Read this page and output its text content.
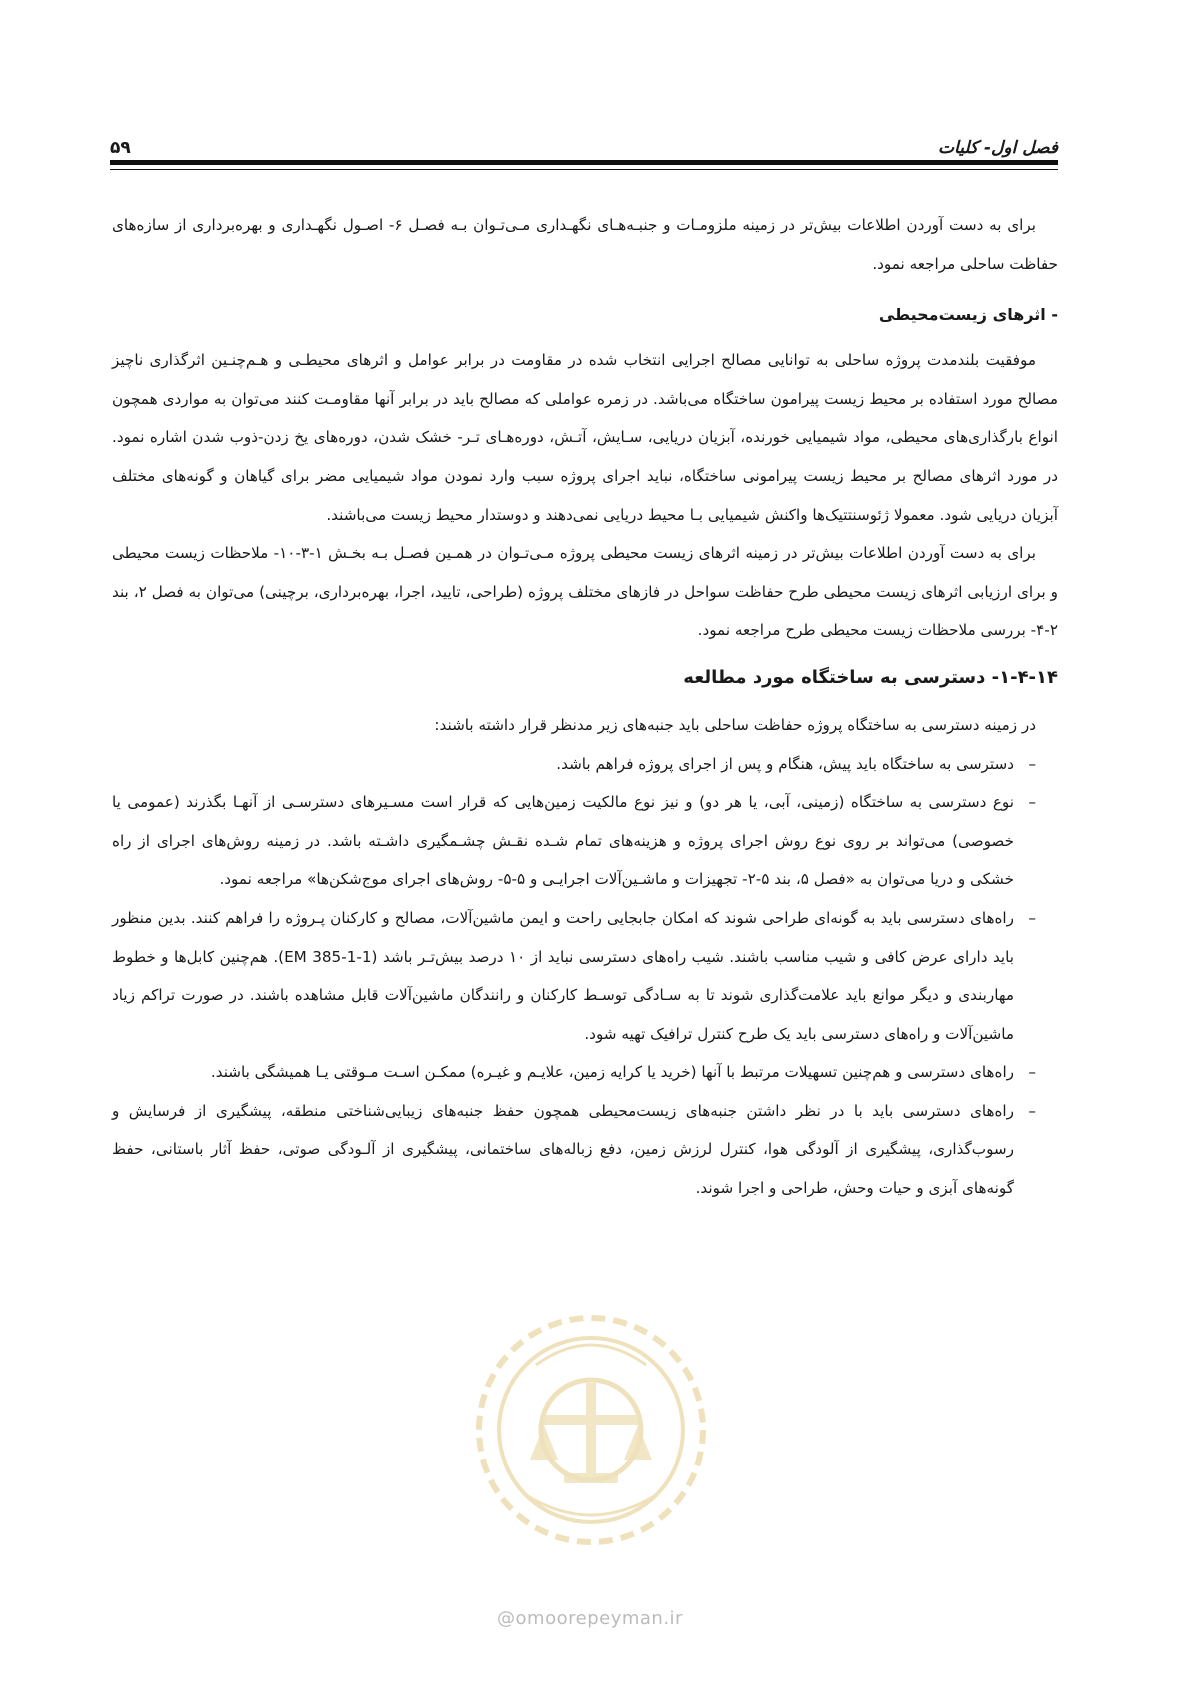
فصل اول- کلیات
۵۹

برای به دست آوردن اطلاعات بیش‌تر در زمینه ملزومـات و جنبـه‌هـای نگهـداری مـی‌تـوان بـه فصـل ۶- اصـول نگهـداری و بهره‌برداری از سازه‌های حفاظت ساحلی مراجعه نمود.

- اثرهای زیست‌محیطی

موفقیت بلندمدت پروژه ساحلی به توانایی مصالح اجرایی انتخاب شده در مقاومت در برابر عوامل و اثرهای محیطـی و هـم‌چنـین اثرگذاری ناچیز مصالح مورد استفاده بر محیط زیست پیرامون ساختگاه می‌باشد. در زمره عواملی که مصالح باید در برابر آنها مقاومـت کنند می‌توان به مواردی همچون انواع بارگذاری‌های محیطی، مواد شیمیایی خورنده، آبزیان دریایی، سـایش، آتـش، دوره‌هـای تـر- خشک شدن، دوره‌های یخ زدن-ذوب شدن اشاره نمود. در مورد اثرهای مصالح بر محیط زیست پیرامونی ساختگاه، نباید اجرای پروژه سبب وارد نمودن مواد شیمیایی مضر برای گیاهان و گونه‌های مختلف آبزیان دریایی شود. معمولا ژئوسنتتیک‌ها واکنش شیمیایی بـا محیط دریایی نمی‌دهند و دوستدار محیط زیست می‌باشند.

برای به دست آوردن اطلاعات بیش‌تر در زمینه اثرهای زیست محیطی پروژه مـی‌تـوان در همـین فصـل بـه بخـش ۱-۳-۱۰- ملاحظات زیست محیطی و برای ارزیابی اثرهای زیست محیطی طرح حفاظت سواحل در فازهای مختلف پروژه (طراحی، تایید، اجرا، بهره‌برداری، برچینی) می‌توان به فصل ۲، بند ۲-۴- بررسی ملاحظات زیست محیطی طرح مراجعه نمود.

۱-۴-۱۴- دسترسی به ساختگاه مورد مطالعه

در زمینه دسترسی به ساختگاه پروژه حفاظت ساحلی باید جنبه‌های زیر مدنظر قرار داشته باشند:

–
دسترسی به ساختگاه باید پیش، هنگام و پس از اجرای پروژه فراهم باشد.
–
نوع دسترسی به ساختگاه (زمینی، آبی، یا هر دو) و نیز نوع مالکیت زمین‌هایی که قرار است مسـیرهای دسترسـی از آنهـا بگذرند (عمومی یا خصوصی) می‌تواند بر روی نوع روش اجرای پروژه و هزینه‌های تمام شـده نقـش چشـمگیری داشـته باشد. در زمینه روش‌های اجرای از راه خشکی و دریا می‌توان به «فصل ۵، بند ۵-۲- تجهیزات و ماشـین‌آلات اجرایـی و ۵-۵- روش‌های اجرای موج‌شکن‌ها» مراجعه نمود.
–
راه‌های دسترسی باید به گونه‌ای طراحی شوند که امکان جابجایی راحت و ایمن ماشین‌آلات، مصالح و کارکنان پـروژه را فراهم کنند. بدین منظور باید دارای عرض کافی و شیب مناسب باشند. شیب راه‌های دسترسی نباید از ۱۰ درصد بیش‌تـر باشد (EM 385-1-1). هم‌چنین کابل‌ها و خطوط مهاربندی و دیگر موانع باید علامت‌گذاری شوند تا به سـادگی توسـط کارکنان و رانندگان ماشین‌آلات قابل مشاهده باشند. در صورت تراکم زیاد ماشین‌آلات و راه‌های دسترسی باید یک طرح کنترل ترافیک تهیه شود.
–
راه‌های دسترسی و هم‌چنین تسهیلات مرتبط با آنها (خرید یا کرایه زمین، علایـم و غیـره) ممکـن اسـت مـوقتی یـا همیشگی باشند.
–
راه‌های دسترسی باید با در نظر داشتن جنبه‌های زیست‌محیطی همچون حفظ جنبه‌های زیبایی‌شناختی منطقه، پیشگیری از فرسایش و رسوب‌گذاری، پیشگیری از آلودگی هوا، کنترل لرزش زمین، دفع زباله‌های ساختمانی، پیشگیری از آلـودگی صوتی، حفظ آثار باستانی، حفظ گونه‌های آبزی و حیات وحش، طراحی و اجرا شوند.
@omoorepeyman.ir
